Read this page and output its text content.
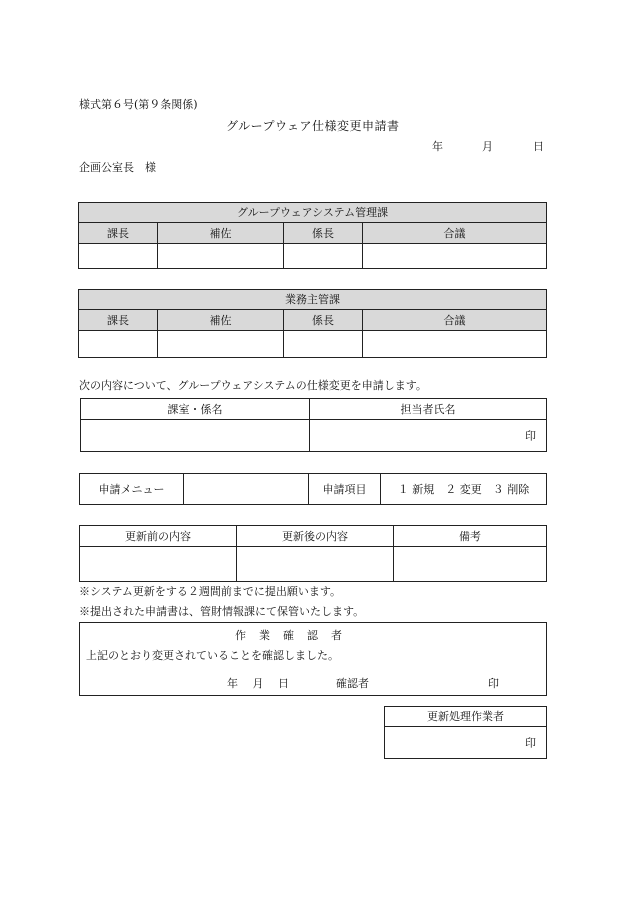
様式第６号(第９条関係)
グループウェア仕様変更申請書
年	月	日
企画公室長　様
グループウェアシステム管理課			
課長	補佐	係長	合議

業務主管課			
課長	補佐	係長	合議

次の内容について、グループウェアシステムの仕様変更を申請します。
課室・係名	担当者氏名

	印
申請メニュー		申請項目	１ 新規　２ 変更　３ 削除
更新前の内容	更新後の内容	備考

※システム更新をする２週間前までに提出願います。
※提出された申請書は、管財情報課にて保管いたします。
作　業　確　認　者
上記のとおり変更されていることを確認しました。
年　 月　 日	確認者	印
更新処理作業者

印
